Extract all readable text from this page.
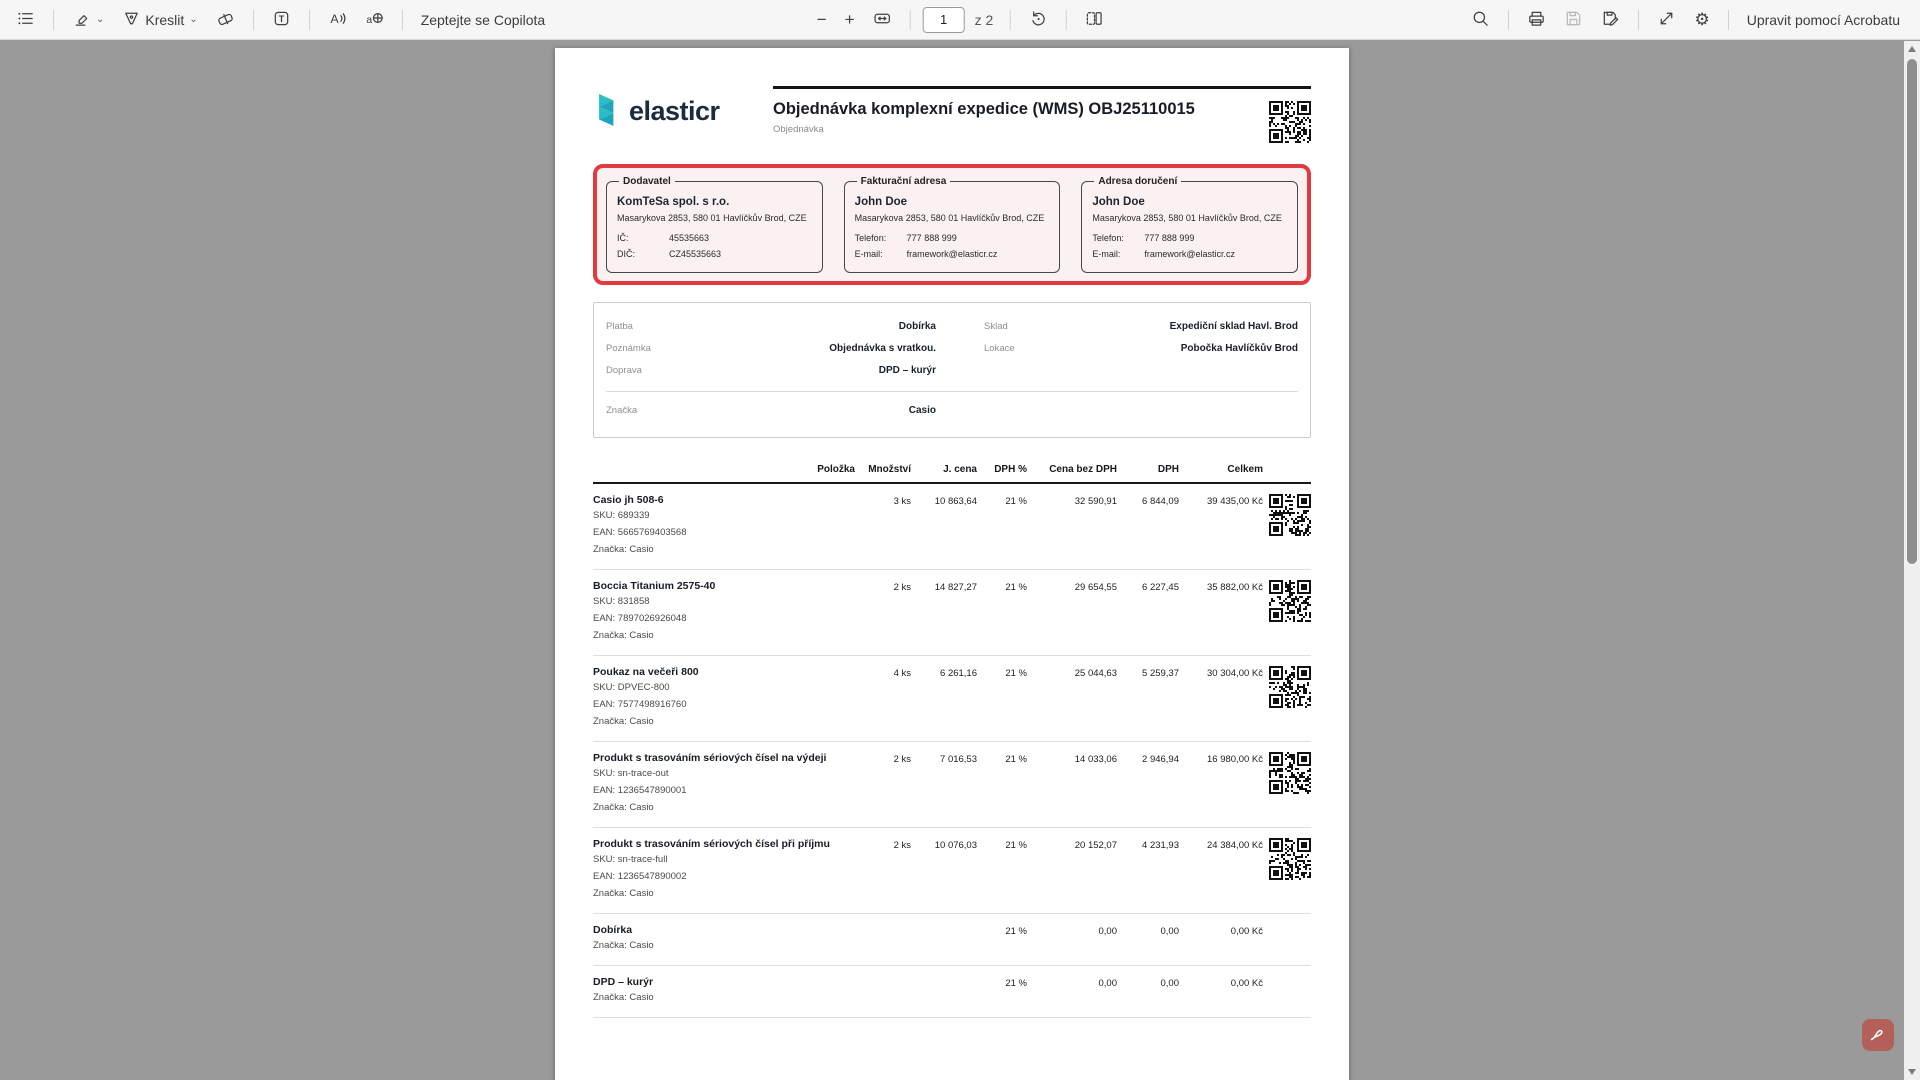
⌄	Kreslit ⌄	T	A	a	Zeptejte se Copilota	− +
1	z 2	⚙	Upravit pomocí Acrobatu
elasticr	Objednávka komplexní expedice (WMS) OBJ25110015
Objednávka
Dodavatel
KomTeSa spol. s r.o.
Masarykova 2853, 580 01 Havlíčkův Brod, CZE
IČ:	45535663
DIČ:	CZ45535663
Fakturační adresa
John Doe
Masarykova 2853, 580 01 Havlíčkův Brod, CZE
Telefon:	777 888 999
E-mail:	framework@elasticr.cz
Adresa doručení
John Doe
Masarykova 2853, 580 01 Havlíčkův Brod, CZE
Telefon:	777 888 999
E-mail:	framework@elasticr.cz
Platba	Dobírka
Poznámka	Objednávka s vratkou.
Doprava	DPD – kurýr
Sklad	Expediční sklad Havl. Brod
Lokace	Pobočka Havlíčkův Brod
Značka	Casio
Položka	Množství	J. cena	DPH %	Cena bez DPH	DPH	Celkem
Casio jh 508-6
SKU: 689339
EAN: 5665769403568
Značka: Casio
3 ks	10 863,64	21 %	32 590,91	6 844,09	39 435,00 Kč
Boccia Titanium 2575-40
SKU: 831858
EAN: 7897026926048
Značka: Casio
2 ks	14 827,27	21 %	29 654,55	6 227,45	35 882,00 Kč
Poukaz na večeři 800
SKU: DPVEC-800
EAN: 7577498916760
Značka: Casio
4 ks	6 261,16	21 %	25 044,63	5 259,37	30 304,00 Kč
Produkt s trasováním sériových čísel na výdeji
SKU: sn-trace-out
EAN: 1236547890001
Značka: Casio
2 ks	7 016,53	21 %	14 033,06	2 946,94	16 980,00 Kč
Produkt s trasováním sériových čísel při příjmu
SKU: sn-trace-full
EAN: 1236547890002
Značka: Casio
2 ks	10 076,03	21 %	20 152,07	4 231,93	24 384,00 Kč
Dobírka
Značka: Casio
21 %	0,00	0,00	0,00 Kč
DPD – kurýr
Značka: Casio
21 %	0,00	0,00	0,00 Kč
